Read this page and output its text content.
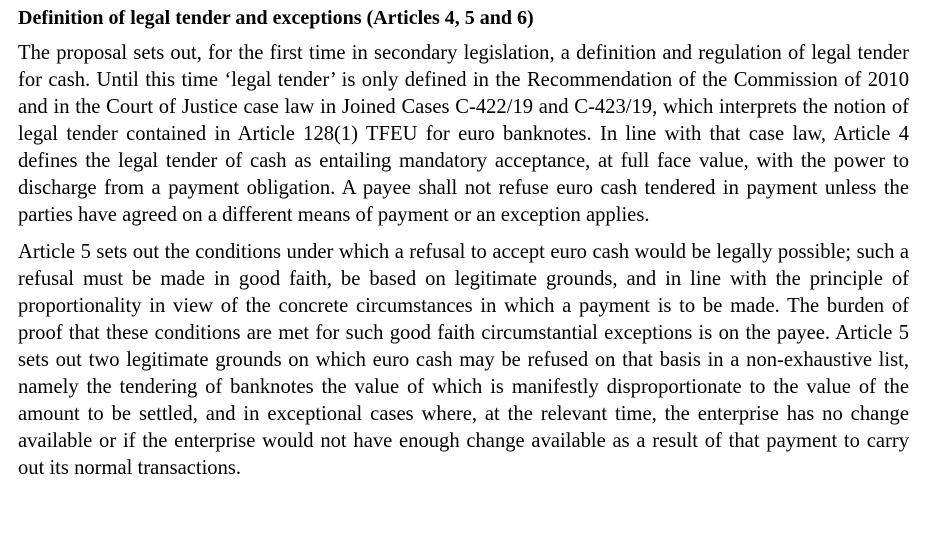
Definition of legal tender and exceptions (Articles 4, 5 and 6)

The proposal sets out, for the first time in secondary legislation, a definition and regulation of legal tender for cash. Until this time ‘legal tender’ is only defined in the Recommendation of the Commission of 2010 and in the Court of Justice case law in Joined Cases C-422/19 and C-423/19, which interprets the notion of legal tender contained in Article 128(1) TFEU for euro banknotes. In line with that case law, Article 4 defines the legal tender of cash as entailing mandatory acceptance, at full face value, with the power to discharge from a payment obligation. A payee shall not refuse euro cash tendered in payment unless the parties have agreed on a different means of payment or an exception applies.

Article 5 sets out the conditions under which a refusal to accept euro cash would be legally possible; such a refusal must be made in good faith, be based on legitimate grounds, and in line with the principle of proportionality in view of the concrete circumstances in which a payment is to be made. The burden of proof that these conditions are met for such good faith circumstantial exceptions is on the payee. Article 5 sets out two legitimate grounds on which euro cash may be refused on that basis in a non-exhaustive list, namely the tendering of banknotes the value of which is manifestly disproportionate to the value of the amount to be settled, and in exceptional cases where, at the relevant time, the enterprise has no change available or if the enterprise would not have enough change available as a result of that payment to carry out its normal transactions.
